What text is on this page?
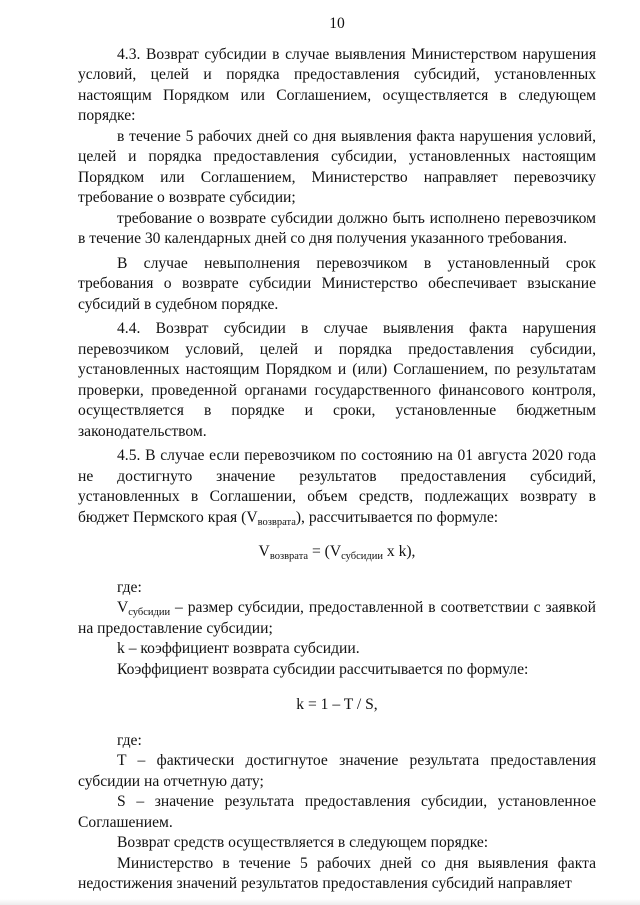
10

4.3. Возврат субсидии в случае выявления Министерством нарушения условий, целей и порядка предоставления субсидий, установленных настоящим Порядком или Соглашением, осуществляется в следующем порядке:

в течение 5 рабочих дней со дня выявления факта нарушения условий, целей и порядка предоставления субсидии, установленных настоящим Порядком или Соглашением, Министерство направляет перевозчику требование о возврате субсидии;

требование о возврате субсидии должно быть исполнено перевозчиком в течение 30 календарных дней со дня получения указанного требования.

В случае невыполнения перевозчиком в установленный срок требования о возврате субсидии Министерство обеспечивает взыскание субсидий в судебном порядке.

4.4. Возврат субсидии в случае выявления факта нарушения перевозчиком условий, целей и порядка предоставления субсидии, установленных настоящим Порядком и (или) Соглашением, по результатам проверки, проведенной органами государственного финансового контроля, осуществляется в порядке и сроки, установленные бюджетным законодательством.

4.5. В случае если перевозчиком по состоянию на 01 августа 2020 года не достигнуто значение результатов предоставления субсидий, установленных в Соглашении, объем средств, подлежащих возврату в бюджет Пермского края $(V_{возврата})$, рассчитывается по формуле:

$V_{возврата} = (V_{субсидии}$ x k),

где:

$V_{субсидии}$ – размер субсидии, предоставленной в соответствии с заявкой на предоставление субсидии;

k – коэффициент возврата субсидии.

Коэффициент возврата субсидии рассчитывается по формуле:

k = 1 – T / S,

где:

T – фактически достигнутое значение результата предоставления субсидии на отчетную дату;

S – значение результата предоставления субсидии, установленное Соглашением.

Возврат средств осуществляется в следующем порядке:

Министерство в течение 5 рабочих дней со дня выявления факта недостижения значений результатов предоставления субсидий направляет
